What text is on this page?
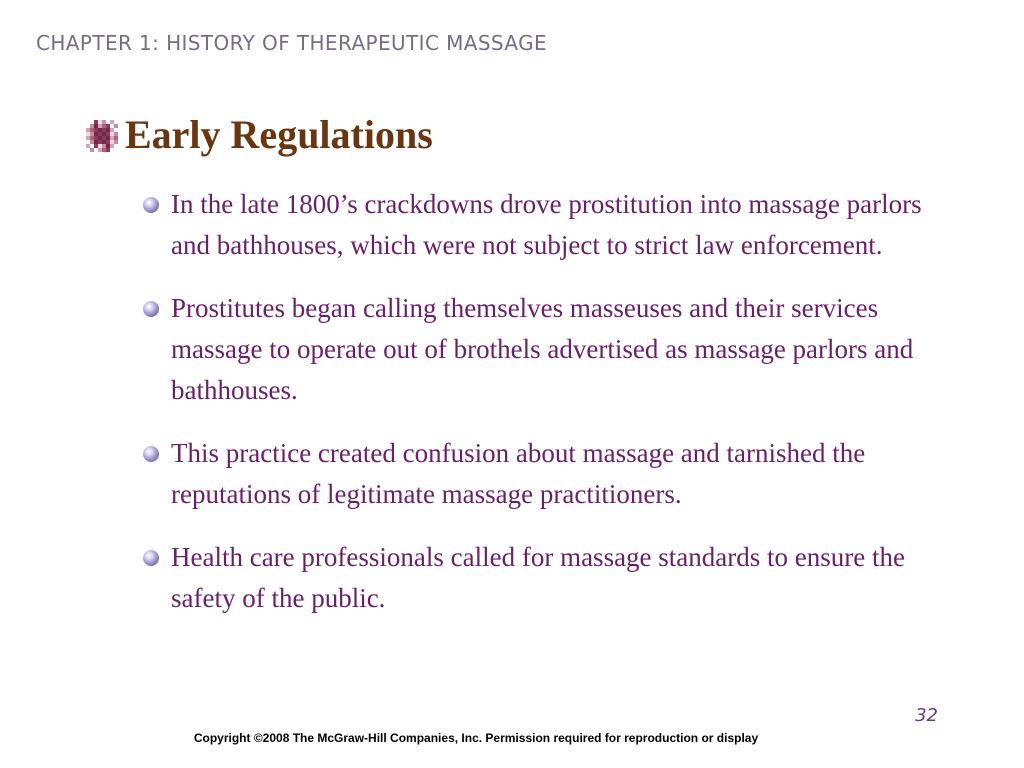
CHAPTER 1: HISTORY OF THERAPEUTIC MASSAGE
Early Regulations
In the late 1800’s crackdowns drove prostitution into massage parlors and bathhouses, which were not subject to strict law enforcement.
Prostitutes began calling themselves masseuses and their services massage to operate out of brothels advertised as massage parlors and bathhouses.
This practice created confusion about massage and tarnished the reputations of legitimate massage practitioners.
Health care professionals called for massage standards to ensure the safety of the public.
32
Copyright ©2008 The McGraw-Hill Companies, Inc. Permission required for reproduction or display
